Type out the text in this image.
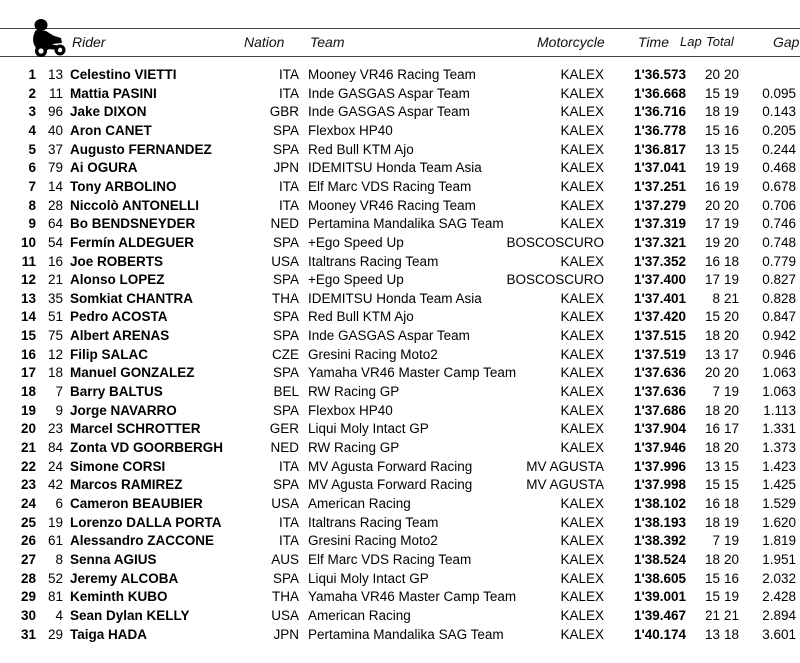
Rider	Nation Team	Motorcycle Time Lap Total	Gap
1 13 Celestino VIETTI	ITA Mooney VR46 Racing Team	KALEX 1'36.573 20 20
2 11 Mattia PASINI	ITA Inde GASGAS Aspar Team	KALEX 1'36.668 15 19 0.095
3 96 Jake DIXON	GBR Inde GASGAS Aspar Team	KALEX 1'36.716 18 19 0.143
4 40 Aron CANET	SPA Flexbox HP40	KALEX 1'36.778 15 16 0.205
5 37 Augusto FERNANDEZ	SPA Red Bull KTM Ajo	KALEX 1'36.817 13 15 0.244
6 79 Ai OGURA	JPN IDEMITSU Honda Team Asia	KALEX 1'37.041 19 19 0.468
7 14 Tony ARBOLINO	ITA Elf Marc VDS Racing Team	KALEX 1'37.251 16 19 0.678
8 28 Niccolò ANTONELLI	ITA Mooney VR46 Racing Team	KALEX 1'37.279 20 20 0.706
9 64 Bo BENDSNEYDER	NED Pertamina Mandalika SAG Team	KALEX 1'37.319 17 19 0.746
10 54 Fermín ALDEGUER	SPA +Ego Speed Up	BOSCOSCURO 1'37.321 19 20 0.748
11 16 Joe ROBERTS	USA Italtrans Racing Team	KALEX 1'37.352 16 18 0.779
12 21 Alonso LOPEZ	SPA +Ego Speed Up	BOSCOSCURO 1'37.400 17 19 0.827
13 35 Somkiat CHANTRA	THA IDEMITSU Honda Team Asia	KALEX 1'37.401 8 21 0.828
14 51 Pedro ACOSTA	SPA Red Bull KTM Ajo	KALEX 1'37.420 15 20 0.847
15 75 Albert ARENAS	SPA Inde GASGAS Aspar Team	KALEX 1'37.515 18 20 0.942
16 12 Filip SALAC	CZE Gresini Racing Moto2	KALEX 1'37.519 13 17 0.946
17 18 Manuel GONZALEZ	SPA Yamaha VR46 Master Camp Team	KALEX 1'37.636 20 20 1.063
18 7 Barry BALTUS	BEL RW Racing GP	KALEX 1'37.636 7 19 1.063
19 9 Jorge NAVARRO	SPA Flexbox HP40	KALEX 1'37.686 18 20 1.113
20 23 Marcel SCHROTTER	GER Liqui Moly Intact GP	KALEX 1'37.904 16 17 1.331
21 84 Zonta VD GOORBERGH	NED RW Racing GP	KALEX 1'37.946 18 20 1.373
22 24 Simone CORSI	ITA MV Agusta Forward Racing	MV AGUSTA 1'37.996 13 15 1.423
23 42 Marcos RAMIREZ	SPA MV Agusta Forward Racing	MV AGUSTA 1'37.998 15 15 1.425
24 6 Cameron BEAUBIER	USA American Racing	KALEX 1'38.102 16 18 1.529
25 19 Lorenzo DALLA PORTA	ITA Italtrans Racing Team	KALEX 1'38.193 18 19 1.620
26 61 Alessandro ZACCONE	ITA Gresini Racing Moto2	KALEX 1'38.392 7 19 1.819
27 8 Senna AGIUS	AUS Elf Marc VDS Racing Team	KALEX 1'38.524 18 20 1.951
28 52 Jeremy ALCOBA	SPA Liqui Moly Intact GP	KALEX 1'38.605 15 16 2.032
29 81 Keminth KUBO	THA Yamaha VR46 Master Camp Team	KALEX 1'39.001 15 19 2.428
30 4 Sean Dylan KELLY	USA American Racing	KALEX 1'39.467 21 21 2.894
31 29 Taiga HADA	JPN Pertamina Mandalika SAG Team	KALEX 1'40.174 13 18 3.601
